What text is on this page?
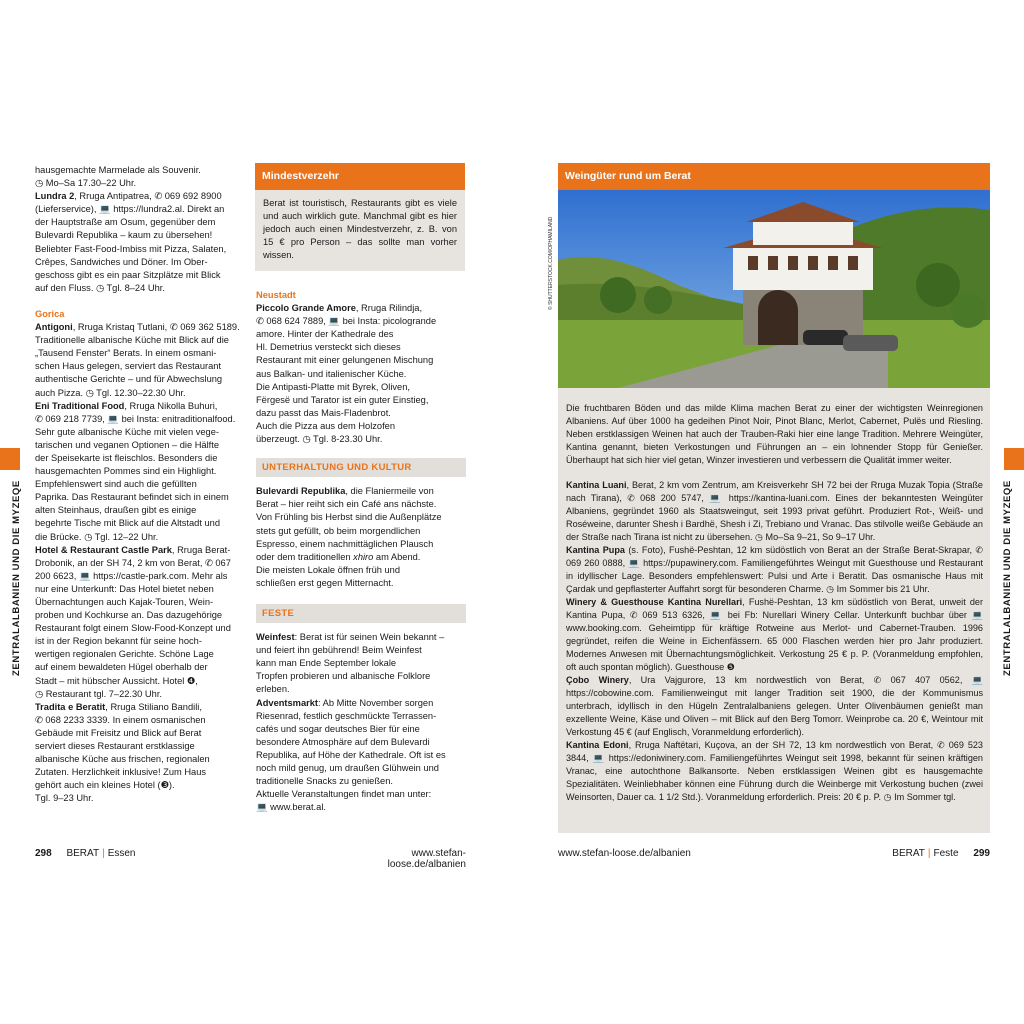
ZENTRALALBANIEN UND DIE MYZEQE

hausgemachte Marmelade als Souvenir.

◷ Mo–Sa 17.30–22 Uhr.

Lundra 2, Rruga Antipatrea, ✆ 069 692 8900

(Lieferservice), 💻 https://lundra2.al. Direkt an

der Hauptstraße am Osum, gegenüber dem

Bulevardi Republika – kaum zu übersehen!

Beliebter Fast-Food-Imbiss mit Pizza, Salaten,

Crêpes, Sandwiches und Döner. Im Ober-

geschoss gibt es ein paar Sitzplätze mit Blick

auf den Fluss. ◷ Tgl. 8–24 Uhr.

Gorica

Antigoni, Rruga Kristaq Tutlani, ✆ 069 362 5189.

Traditionelle albanische Küche mit Blick auf die

„Tausend Fenster“ Berats. In einem osmani-

schen Haus gelegen, serviert das Restaurant

authentische Gerichte – und für Abwechslung

auch Pizza. ◷ Tgl. 12.30–22.30 Uhr.

Eni Traditional Food, Rruga Nikolla Buhuri,

✆ 069 218 7739, 💻 bei Insta: enitraditionalfood.

Sehr gute albanische Küche mit vielen vege-

tarischen und veganen Optionen – die Hälfte

der Speisekarte ist fleischlos. Besonders die

hausgemachten Pommes sind ein Highlight.

Empfehlenswert sind auch die gefüllten

Paprika. Das Restaurant befindet sich in einem

alten Steinhaus, draußen gibt es einige

begehrte Tische mit Blick auf die Altstadt und

die Brücke. ◷ Tgl. 12–22 Uhr.

Hotel & Restaurant Castle Park, Rruga Berat-

Drobonik, an der SH 74, 2 km von Berat, ✆ 067

200 6623, 💻 https://castle-park.com. Mehr als

nur eine Unterkunft: Das Hotel bietet neben

Übernachtungen auch Kajak-Touren, Wein-

proben und Kochkurse an. Das dazugehörige

Restaurant folgt einem Slow-Food-Konzept und

ist in der Region bekannt für seine hoch-

wertigen regionalen Gerichte. Schöne Lage

auf einem bewaldeten Hügel oberhalb der

Stadt – mit hübscher Aussicht. Hotel ❹,

◷ Restaurant tgl. 7–22.30 Uhr.

Tradita e Beratit, Rruga Stiliano Bandili,

✆ 068 2233 3339. In einem osmanischen

Gebäude mit Freisitz und Blick auf Berat

serviert dieses Restaurant erstklassige

albanische Küche aus frischen, regionalen

Zutaten. Herzlichkeit inklusive! Zum Haus

gehört auch ein kleines Hotel (❸).

Tgl. 9–23 Uhr.

Mindestverzehr
Berat ist touristisch, Restaurants gibt es viele und auch wirklich gute. Manchmal gibt es hier jedoch auch einen Mindestverzehr, z. B. von 15 € pro Person – das sollte man vorher wissen.

Neustadt

Piccolo Grande Amore, Rruga Rilindja,

✆ 068 624 7889, 💻 bei Insta: picolograndе

amore. Hinter der Kathedrale des

Hl. Demetrius versteckt sich dieses

Restaurant mit einer gelungenen Mischung

aus Balkan- und italienischer Küche.

Die Antipasti-Platte mit Byrek, Oliven,

Fërgesë und Tarator ist ein guter Einstieg,

dazu passt das Mais-Fladenbrot.

Auch die Pizza aus dem Holzofen

überzeugt. ◷ Tgl. 8-23.30 Uhr.

UNTERHALTUNG UND KULTUR

Bulevardi Republika, die Flaniermeile von

Berat – hier reiht sich ein Café ans nächste.

Von Frühling bis Herbst sind die Außenplätze

stets gut gefüllt, ob beim morgendlichen

Espresso, einem nachmittäglichen Plausch

oder dem traditionellen xhiro am Abend.

Die meisten Lokale öffnen früh und

schließen erst gegen Mitternacht.

FESTE

Weinfest: Berat ist für seinen Wein bekannt –

und feiert ihn gebührend! Beim Weinfest

kann man Ende September lokale

Tropfen probieren und albanische Folklore

erleben.

Adventsmarkt: Ab Mitte November sorgen

Riesenrad, festlich geschmückte Terrassen-

cafés und sogar deutsches Bier für eine

besondere Atmosphäre auf dem Bulevardi

Republika, auf Höhe der Kathedrale. Oft ist es

noch mild genug, um draußen Glühwein und

traditionelle Snacks zu genießen.

Aktuelle Veranstaltungen findet man unter:

💻 www.berat.al.

298 BERAT | Essen	www.stefan-loose.de/albanien
Weingüter rund um Berat
© SHUTTERSTOCK.COM/OPHAMILAND

Die fruchtbaren Böden und das milde Klima machen Berat zu einer der wichtigsten Weinregionen Albaniens. Auf über 1000 ha gedeihen Pinot Noir, Pinot Blanc, Merlot, Cabernet, Pulës und Riesling. Neben erstklassigen Weinen hat auch der Trauben-Raki hier eine lange Tradition. Mehrere Weingüter, Kantina genannt, bieten Verkostungen und Führungen an – ein lohnender Stopp für Genießer. Überhaupt hat sich hier viel getan, Winzer investieren und verbessern die Qualität immer weiter.

Kantina Luani, Berat, 2 km vom Zentrum, am Kreisverkehr SH 72 bei der Rruga Muzak Topia (Straße nach Tirana), ✆ 068 200 5747, 💻 https://kantina-luani.com. Eines der bekanntesten Weingüter Albaniens, gegründet 1960 als Staatsweingut, seit 1993 privat geführt. Produziert Rot-, Weiß- und Roséweine, darunter Shesh i Bardhë, Shesh i Zi, Trebiano und Vranac. Das stilvolle weiße Gebäude an der Straße nach Tirana ist nicht zu übersehen. ◷ Mo–Sa 9–21, So 9–17 Uhr.

Kantina Pupa (s. Foto), Fushë-Peshtan, 12 km südöstlich von Berat an der Straße Berat-Skrapar, ✆ 069 260 0888, 💻 https://pupawinery.com. Familiengeführtes Weingut mit Guesthouse und Restaurant in idyllischer Lage. Besonders empfehlenswert: Pulsi und Arte i Beratit. Das osmanische Haus mit Çardak und gepflasterter Auffahrt sorgt für besonderen Charme. ◷ Im Sommer bis 21 Uhr.

Winery & Guesthouse Kantina Nurellari, Fushë-Peshtan, 13 km südöstlich von Berat, unweit der Kantina Pupa, ✆ 069 513 6326, 💻 bei Fb: Nurellari Winery Cellar. Unterkunft buchbar über 💻 www.booking.com. Geheimtipp für kräftige Rotweine aus Merlot- und Cabernet-Trauben. 1996 gegründet, reifen die Weine in Eichenfässern. 65 000 Flaschen werden hier pro Jahr produziert. Modernes Anwesen mit Übernachtungsmöglichkeit. Verkostung 25 € p. P. (Voranmeldung empfohlen, oft auch spontan möglich). Guesthouse ❺

Çobo Winery, Ura Vajgurore, 13 km nordwestlich von Berat, ✆ 067 407 0562, 💻 https://cobowine.com. Familienweingut mit langer Tradition seit 1900, die der Kommunismus unterbrach, idyllisch in den Hügeln Zentralalbaniens gelegen. Unter Olivenbäumen genießt man exzellente Weine, Käse und Oliven – mit Blick auf den Berg Tomorr. Weinprobe ca. 20 €, Weintour mit Verkostung 45 € (auf Englisch, Voranmeldung erforderlich).

Kantina Edoni, Rruga Naftëtari, Kuçova, an der SH 72, 13 km nordwestlich von Berat, ✆ 069 523 3844, 💻 https://edoniwinery.com. Familiengeführtes Weingut seit 1998, bekannt für seinen kräftigen Vranac, eine autochthone Balkansorte. Neben erstklassigen Weinen gibt es hausgemachte Spezialitäten. Weinliebhaber können eine Führung durch die Weinberge mit Verkostung buchen (zwei Weinsorten, Dauer ca. 1 1/2 Std.). Voranmeldung erforderlich. Preis: 20 € p. P. ◷ Im Sommer tgl.

ZENTRALALBANIEN UND DIE MYZEQE
www.stefan-loose.de/albanien	BERAT | Feste 299
